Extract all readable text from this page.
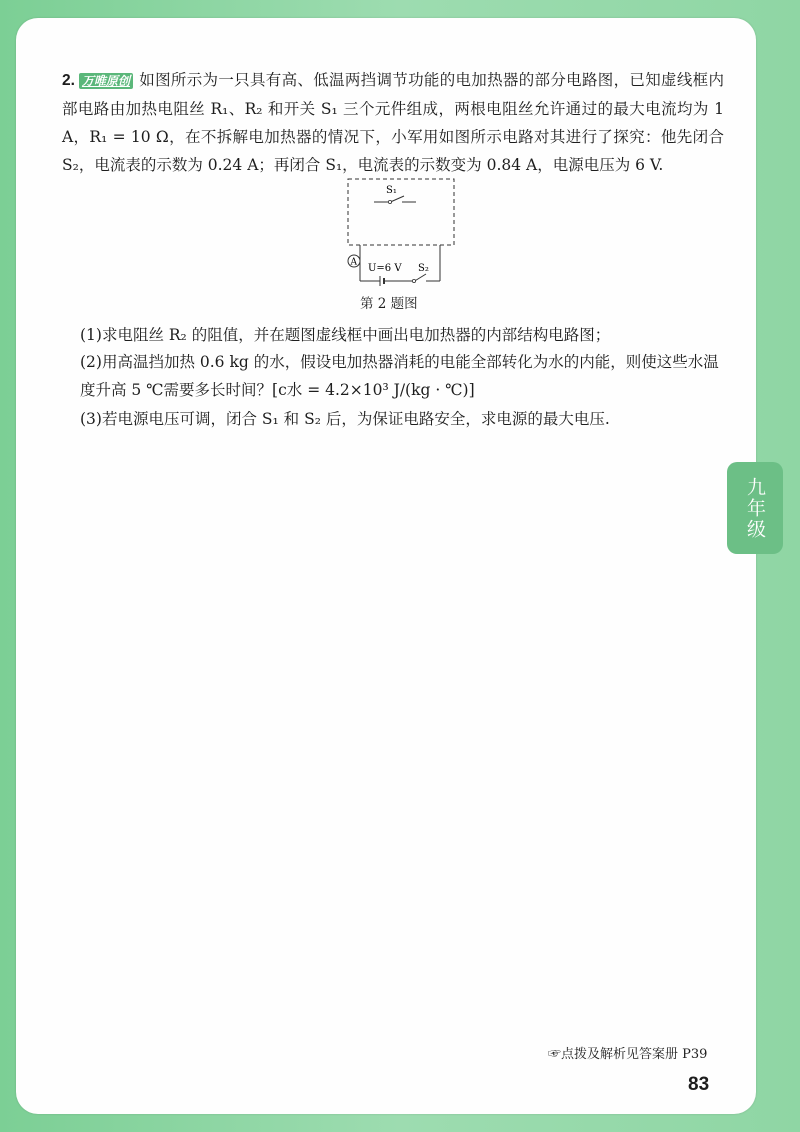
九年级
2. 万唯原创 如图所示为一只具有高、低温两挡调节功能的电加热器的部分电路图，已知虚线框内部电路由加热电阻丝 R₁、R₂ 和开关 S₁ 三个元件组成，两根电阻丝允许通过的最大电流均为 1 A，R₁ = 10 Ω，在不拆解电加热器的情况下，小军用如图所示电路对其进行了探究：他先闭合 S₂，电流表的示数为 0.24 A；再闭合 S₁，电流表的示数变为 0.84 A，电源电压为 6 V.
S₁
A
U=6 V S₂
第 2 题图
(1)求电阻丝 R₂ 的阻值，并在题图虚线框中画出电加热器的内部结构电路图；
(2)用高温挡加热 0.6 kg 的水，假设电加热器消耗的电能全部转化为水的内能，则使这些水温度升高 5 ℃需要多长时间？[c水 = 4.2×10³ J/(kg · ℃)]
(3)若电源电压可调，闭合 S₁ 和 S₂ 后，为保证电路安全，求电源的最大电压.
☞点拨及解析见答案册 P39
83
